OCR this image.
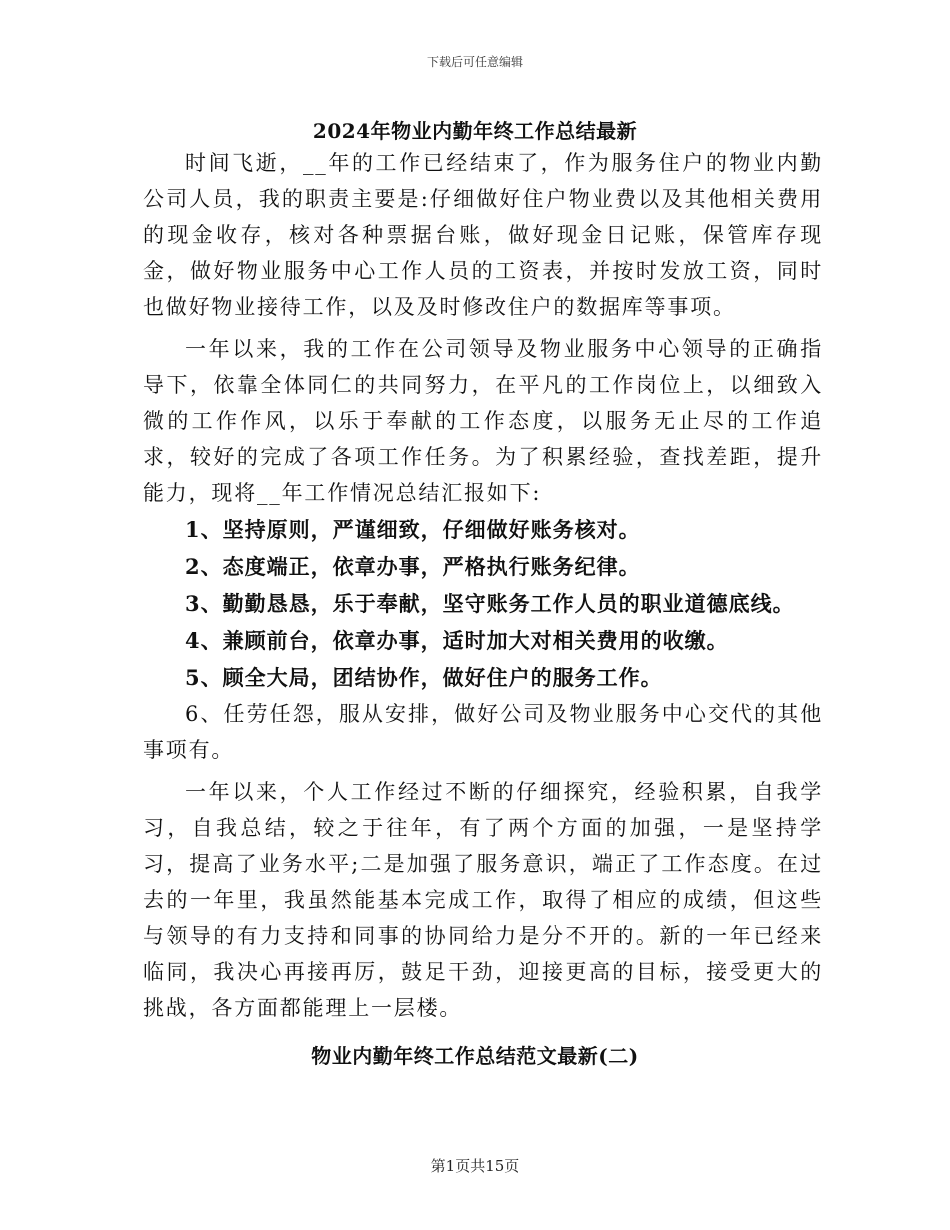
下载后可任意编辑
2024年物业内勤年终工作总结最新

时间飞逝，__年的工作已经结束了，作为服务住户的物业内勤公司人员，我的职责主要是:仔细做好住户物业费以及其他相关费用的现金收存，核对各种票据台账，做好现金日记账，保管库存现金，做好物业服务中心工作人员的工资表，并按时发放工资，同时也做好物业接待工作，以及及时修改住户的数据库等事项。

一年以来，我的工作在公司领导及物业服务中心领导的正确指导下，依靠全体同仁的共同努力，在平凡的工作岗位上，以细致入微的工作作风，以乐于奉献的工作态度，以服务无止尽的工作追求，较好的完成了各项工作任务。为了积累经验，查找差距，提升能力，现将__年工作情况总结汇报如下:

1、坚持原则，严谨细致，仔细做好账务核对。

2、态度端正，依章办事，严格执行账务纪律。

3、勤勤恳恳，乐于奉献，坚守账务工作人员的职业道德底线。

4、兼顾前台，依章办事，适时加大对相关费用的收缴。

5、顾全大局，团结协作，做好住户的服务工作。

6、任劳任怨，服从安排，做好公司及物业服务中心交代的其他事项有。

一年以来，个人工作经过不断的仔细探究，经验积累，自我学习，自我总结，较之于往年，有了两个方面的加强，一是坚持学习，提高了业务水平;二是加强了服务意识，端正了工作态度。在过去的一年里，我虽然能基本完成工作，取得了相应的成绩，但这些与领导的有力支持和同事的协同给力是分不开的。新的一年已经来临同，我决心再接再厉，鼓足干劲，迎接更高的目标，接受更大的挑战，各方面都能理上一层楼。

物业内勤年终工作总结范文最新(二)
第1页共15页
